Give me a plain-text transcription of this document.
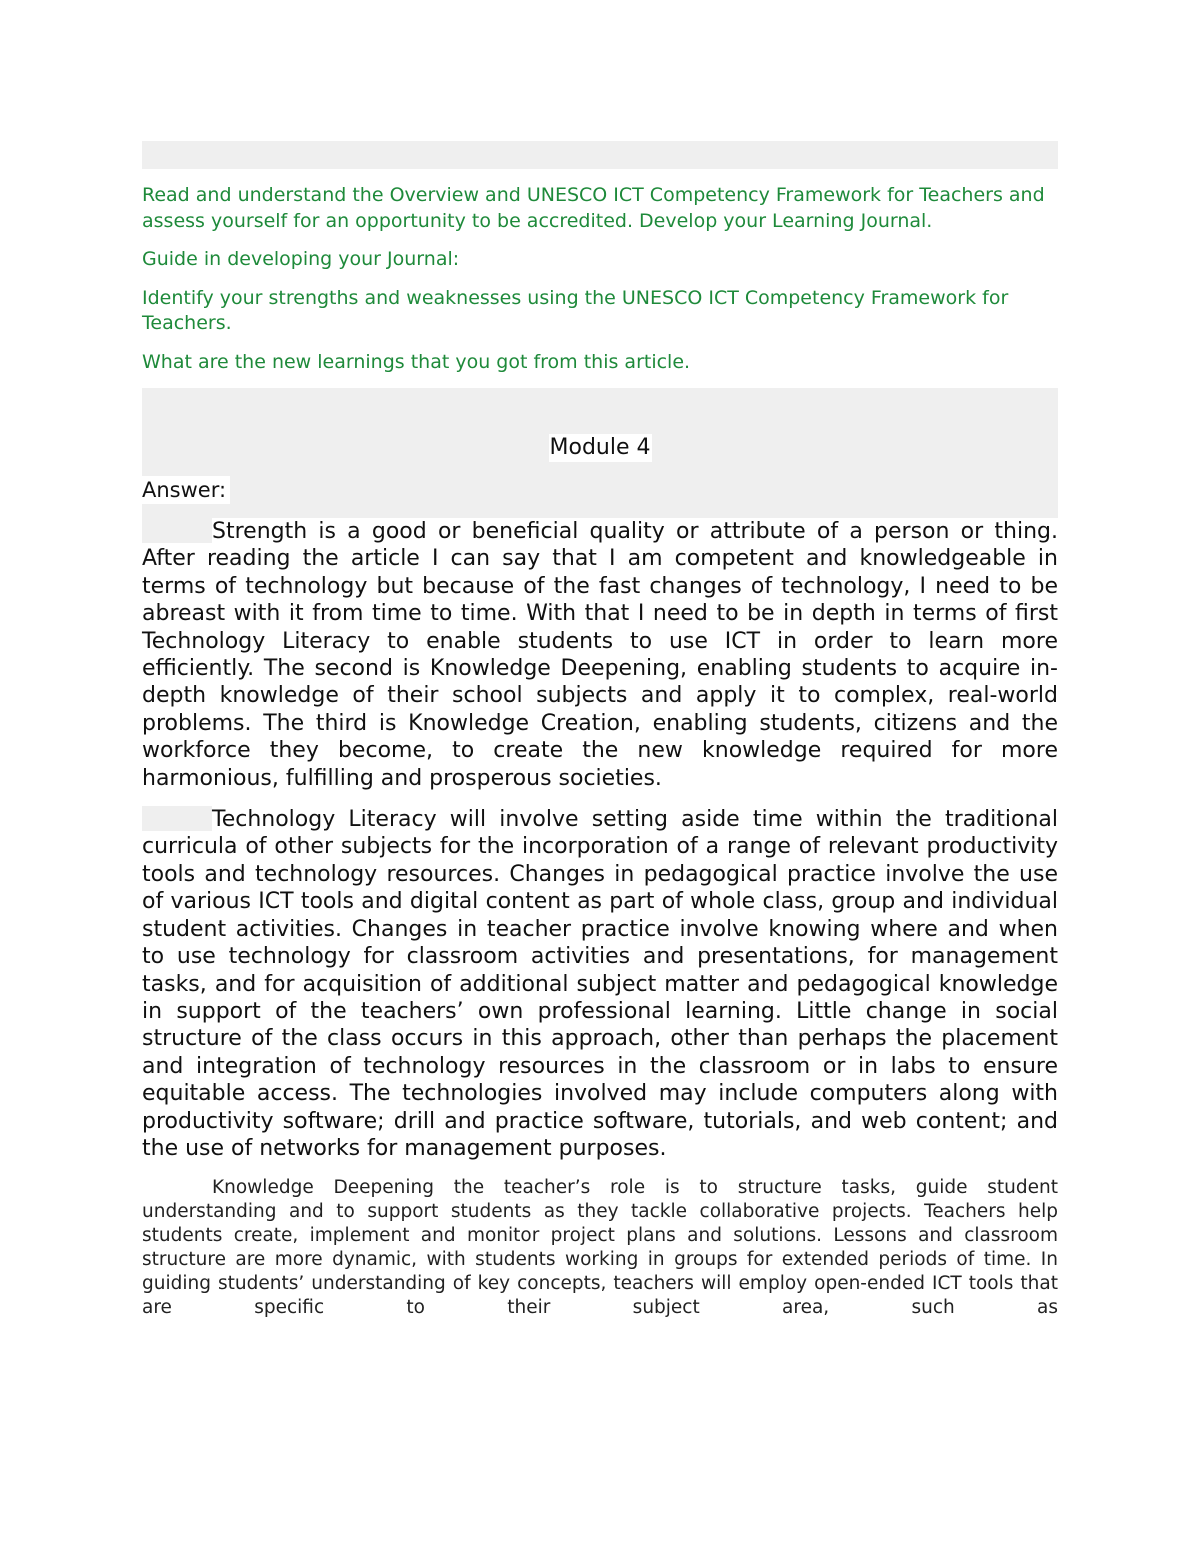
Read and understand the Overview and UNESCO ICT Competency Framework for Teachers and assess yourself for an opportunity to be accredited. Develop your Learning Journal.

Guide in developing your Journal:

Identify your strengths and weaknesses using the UNESCO ICT Competency Framework for Teachers.

What are the new learnings that you got from this article.

Module 4
Answer:

Strength is a good or beneficial quality or attribute of a person or thing. After reading the article I can say that I am competent and knowledgeable in terms of technology but because of the fast changes of technology, I need to be abreast with it from time to time. With that I need to be in depth in terms of first Technology Literacy to enable students to use ICT in order to learn more efficiently. The second is Knowledge Deepening, enabling students to acquire in-depth knowledge of their school subjects and apply it to complex, real-world problems. The third is Knowledge Creation, enabling students, citizens and the workforce they become, to create the new knowledge required for more harmonious, fulfilling and prosperous societies.

Technology Literacy will involve setting aside time within the traditional curricula of other subjects for the incorporation of a range of relevant productivity tools and technology resources. Changes in pedagogical practice involve the use of various ICT tools and digital content as part of whole class, group and individual student activities. Changes in teacher practice involve knowing where and when to use technology for classroom activities and presentations, for management tasks, and for acquisition of additional subject matter and pedagogical knowledge in support of the teachers’ own professional learning. Little change in social structure of the class occurs in this approach, other than perhaps the placement and integration of technology resources in the classroom or in labs to ensure equitable access. The technologies involved may include computers along with productivity software; drill and practice software, tutorials, and web content; and the use of networks for management purposes.

Knowledge Deepening the teacher’s role is to structure tasks, guide student understanding and to support students as they tackle collaborative projects. Teachers help students create, implement and monitor project plans and solutions. Lessons and classroom structure are more dynamic, with students working in groups for extended periods of time. In guiding students’ understanding of key concepts, teachers will employ open-ended ICT tools that are specific to their subject area, such as
